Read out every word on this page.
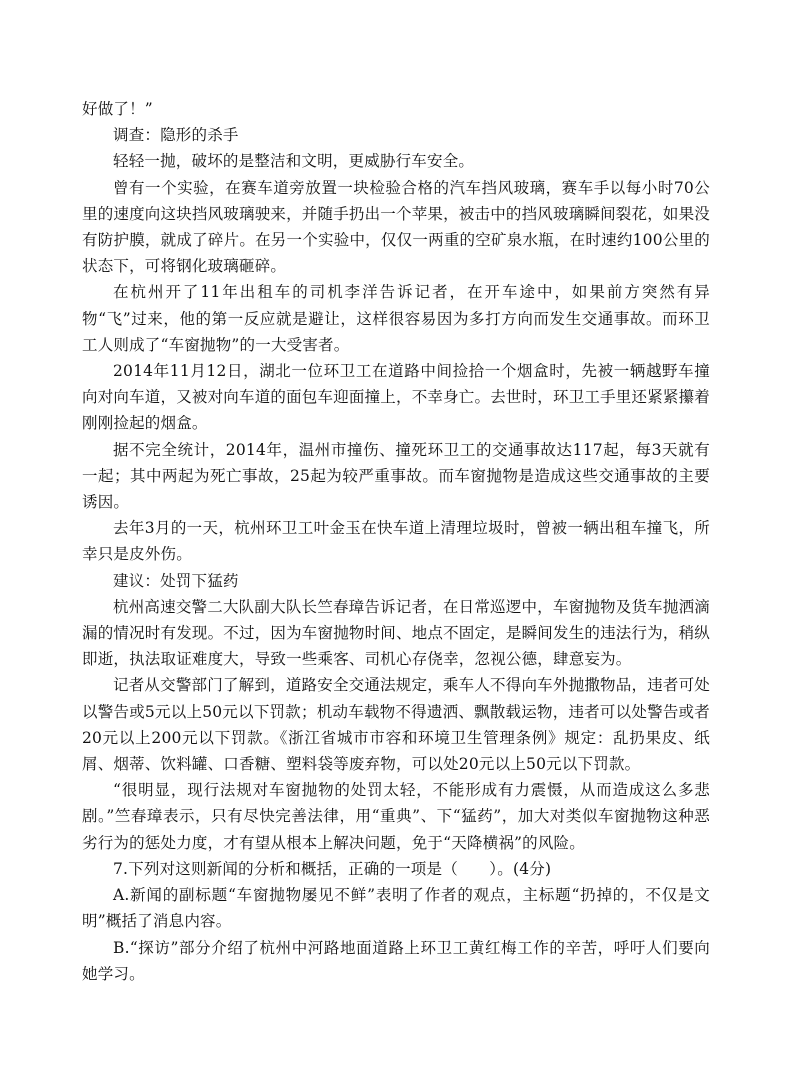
好做了！”

调查：隐形的杀手

轻轻一抛，破坏的是整洁和文明，更威胁行车安全。

曾有一个实验，在赛车道旁放置一块检验合格的汽车挡风玻璃，赛车手以每小时70公里的速度向这块挡风玻璃驶来，并随手扔出一个苹果，被击中的挡风玻璃瞬间裂花，如果没有防护膜，就成了碎片。在另一个实验中，仅仅一两重的空矿泉水瓶，在时速约100公里的状态下，可将钢化玻璃砸碎。

在杭州开了11年出租车的司机李洋告诉记者，在开车途中，如果前方突然有异物“飞”过来，他的第一反应就是避让，这样很容易因为多打方向而发生交通事故。而环卫工人则成了“车窗抛物”的一大受害者。

2014年11月12日，湖北一位环卫工在道路中间捡拾一个烟盒时，先被一辆越野车撞向对向车道，又被对向车道的面包车迎面撞上，不幸身亡。去世时，环卫工手里还紧紧攥着刚刚捡起的烟盒。

据不完全统计，2014年，温州市撞伤、撞死环卫工的交通事故达117起，每3天就有一起；其中两起为死亡事故，25起为较严重事故。而车窗抛物是造成这些交通事故的主要诱因。

去年3月的一天，杭州环卫工叶金玉在快车道上清理垃圾时，曾被一辆出租车撞飞，所幸只是皮外伤。

建议：处罚下猛药

杭州高速交警二大队副大队长竺春璋告诉记者，在日常巡逻中，车窗抛物及货车抛洒滴漏的情况时有发现。不过，因为车窗抛物时间、地点不固定，是瞬间发生的违法行为，稍纵即逝，执法取证难度大，导致一些乘客、司机心存侥幸，忽视公德，肆意妄为。

记者从交警部门了解到，道路安全交通法规定，乘车人不得向车外抛撒物品，违者可处以警告或5元以上50元以下罚款；机动车载物不得遗洒、飘散载运物，违者可以处警告或者20元以上200元以下罚款。《浙江省城市市容和环境卫生管理条例》规定：乱扔果皮、纸屑、烟蒂、饮料罐、口香糖、塑料袋等废弃物，可以处20元以上50元以下罚款。

“很明显，现行法规对车窗抛物的处罚太轻，不能形成有力震慑，从而造成这么多悲剧。”竺春璋表示，只有尽快完善法律，用“重典”、下“猛药”，加大对类似车窗抛物这种恶劣行为的惩处力度，才有望从根本上解决问题，免于“天降横祸”的风险。

7.下列对这则新闻的分析和概括，正确的一项是（　　）。(4分)

A.新闻的副标题“车窗抛物屡见不鲜”表明了作者的观点，主标题“扔掉的，不仅是文明”概括了消息内容。

B.“探访”部分介绍了杭州中河路地面道路上环卫工黄红梅工作的辛苦，呼吁人们要向她学习。
